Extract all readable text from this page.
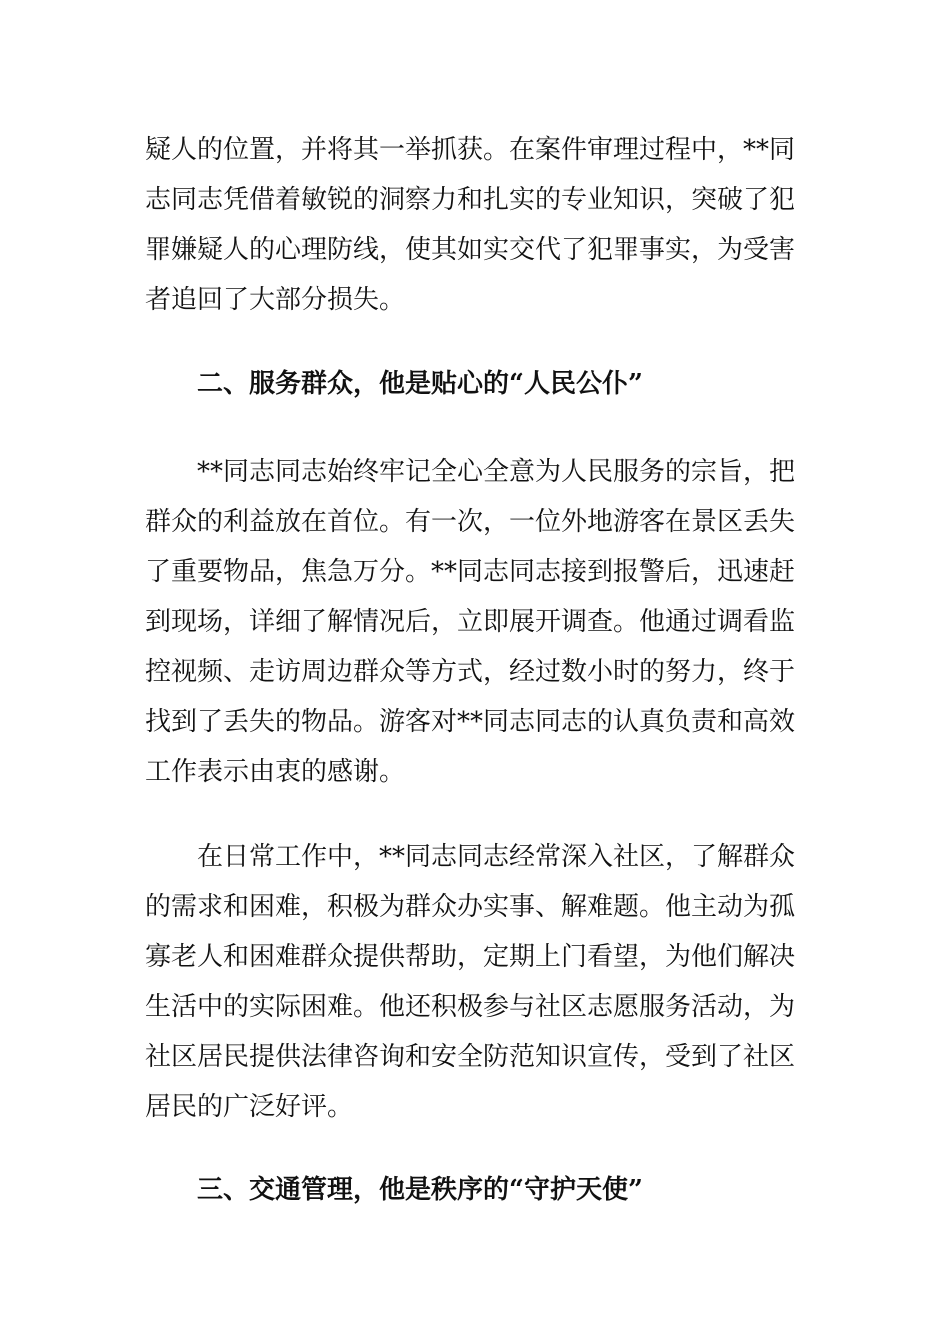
疑人的位置，并将其一举抓获。在案件审理过程中，**同
志同志凭借着敏锐的洞察力和扎实的专业知识，突破了犯
罪嫌疑人的心理防线，使其如实交代了犯罪事实，为受害
者追回了大部分损失。
二、服务群众，他是贴心的“人民公仆”
**同志同志始终牢记全心全意为人民服务的宗旨，把
群众的利益放在首位。有一次，一位外地游客在景区丢失
了重要物品，焦急万分。**同志同志接到报警后，迅速赶
到现场，详细了解情况后，立即展开调查。他通过调看监
控视频、走访周边群众等方式，经过数小时的努力，终于
找到了丢失的物品。游客对**同志同志的认真负责和高效
工作表示由衷的感谢。
在日常工作中，**同志同志经常深入社区，了解群众
的需求和困难，积极为群众办实事、解难题。他主动为孤
寡老人和困难群众提供帮助，定期上门看望，为他们解决
生活中的实际困难。他还积极参与社区志愿服务活动，为
社区居民提供法律咨询和安全防范知识宣传，受到了社区
居民的广泛好评。
三、交通管理，他是秩序的“守护天使”
